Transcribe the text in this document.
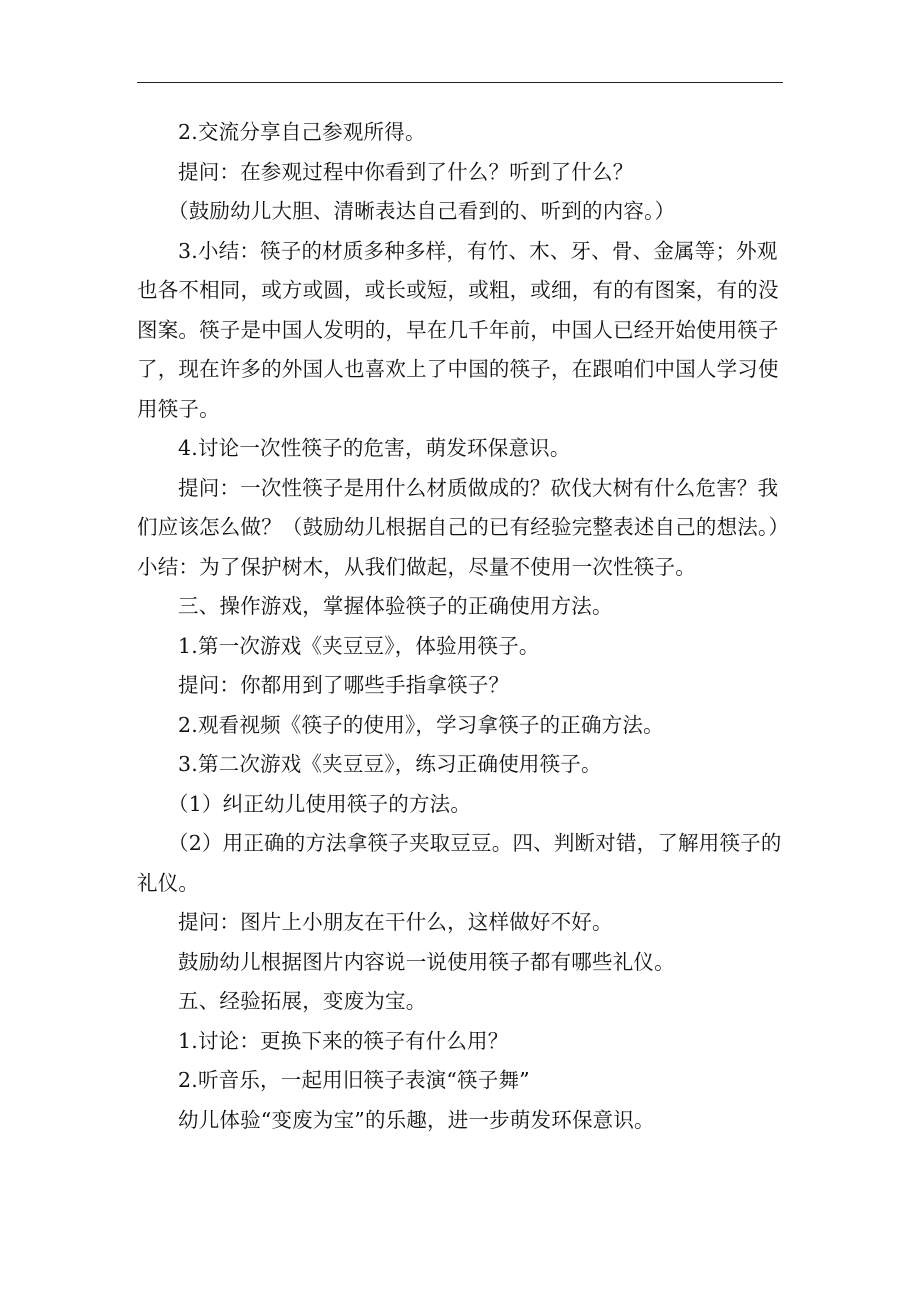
2.交流分享自己参观所得。

提问：在参观过程中你看到了什么？听到了什么？

（鼓励幼儿大胆、清晰表达自己看到的、听到的内容。）

3.小结：筷子的材质多种多样，有竹、木、牙、骨、金属等；外观也各不相同，或方或圆，或长或短，或粗，或细，有的有图案，有的没图案。筷子是中国人发明的，早在几千年前，中国人已经开始使用筷子了，现在许多的外国人也喜欢上了中国的筷子，在跟咱们中国人学习使用筷子。

4.讨论一次性筷子的危害，萌发环保意识。

提问：一次性筷子是用什么材质做成的？砍伐大树有什么危害？我们应该怎么做？（鼓励幼儿根据自己的已有经验完整表述自己的想法。）小结：为了保护树木，从我们做起，尽量不使用一次性筷子。

三、操作游戏，掌握体验筷子的正确使用方法。

1.第一次游戏《夹豆豆》，体验用筷子。

提问：你都用到了哪些手指拿筷子？

2.观看视频《筷子的使用》，学习拿筷子的正确方法。

3.第二次游戏《夹豆豆》，练习正确使用筷子。

（1）纠正幼儿使用筷子的方法。

（2）用正确的方法拿筷子夹取豆豆。四、判断对错，了解用筷子的礼仪。

提问：图片上小朋友在干什么，这样做好不好。

鼓励幼儿根据图片内容说一说使用筷子都有哪些礼仪。

五、经验拓展，变废为宝。

1.讨论：更换下来的筷子有什么用？

2.听音乐，一起用旧筷子表演“筷子舞”

幼儿体验“变废为宝”的乐趣，进一步萌发环保意识。
